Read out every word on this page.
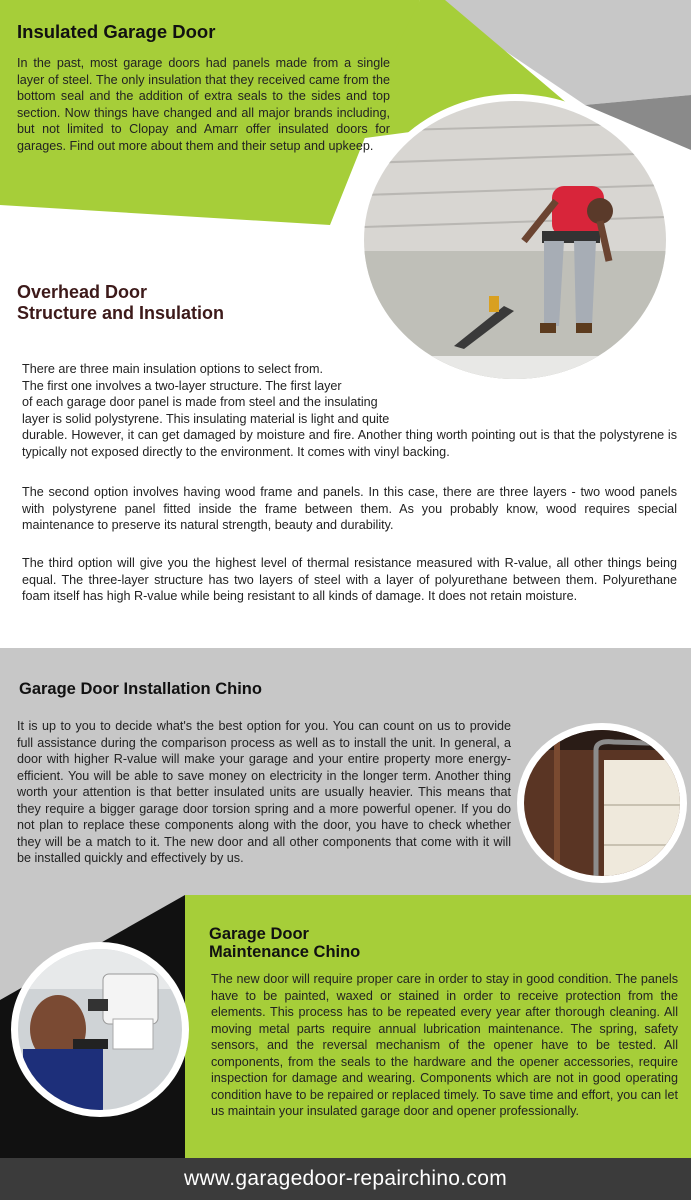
Insulated Garage Door

In the past, most garage doors had panels made from a single layer of steel. The only insulation that they received came from the bottom seal and the addition of extra seals to the sides and top section. Now things have changed and all major brands including, but not limited to Clopay and Amarr offer insulated doors for garages. Find out more about them and their setup and upkeep.

Overhead Door
Structure and Insulation
There are three main insulation options to select from.
The first one involves a two-layer structure. The first layer
of each garage door panel is made from steel and the insulating
layer is solid polystyrene. This insulating material is light and quite

durable. However, it can get damaged by moisture and fire. Another thing worth pointing out is that the polystyrene is typically not exposed directly to the environment. It comes with vinyl backing.

The second option involves having wood frame and panels. In this case, there are three layers - two wood panels with polystyrene panel fitted inside the frame between them. As you probably know, wood requires special maintenance to preserve its natural strength, beauty and durability.

The third option will give you the highest level of thermal resistance measured with R-value, all other things being equal. The three-layer structure has two layers of steel with a layer of polyurethane between them. Polyurethane foam itself has high R-value while being resistant to all kinds of damage. It does not retain moisture.

Garage Door Installation Chino

It is up to you to decide what's the best option for you. You can count on us to provide full assistance during the comparison process as well as to install the unit. In general, a door with higher R-value will make your garage and your entire property more energy-efficient. You will be able to save money on electricity in the longer term. Another thing worth your attention is that better insulated units are usually heavier. This means that they require a bigger garage door torsion spring and a more powerful opener. If you do not plan to replace these components along with the door, you have to check whether they will be a match to it. The new door and all other components that come with it will be installed quickly and effectively by us.

Garage Door
Maintenance Chino

The new door will require proper care in order to stay in good condition. The panels have to be painted, waxed or stained in order to receive protection from the elements. This process has to be repeated every year after thorough cleaning. All moving metal parts require annual lubrication maintenance. The spring, safety sensors, and the reversal mechanism of the opener have to be tested. All components, from the seals to the hardware and the opener accessories, require inspection for damage and wearing. Components which are not in good operating condition have to be repaired or replaced timely. To save time and effort, you can let us maintain your insulated garage door and opener professionally.

www.garagedoor-repairchino.com
